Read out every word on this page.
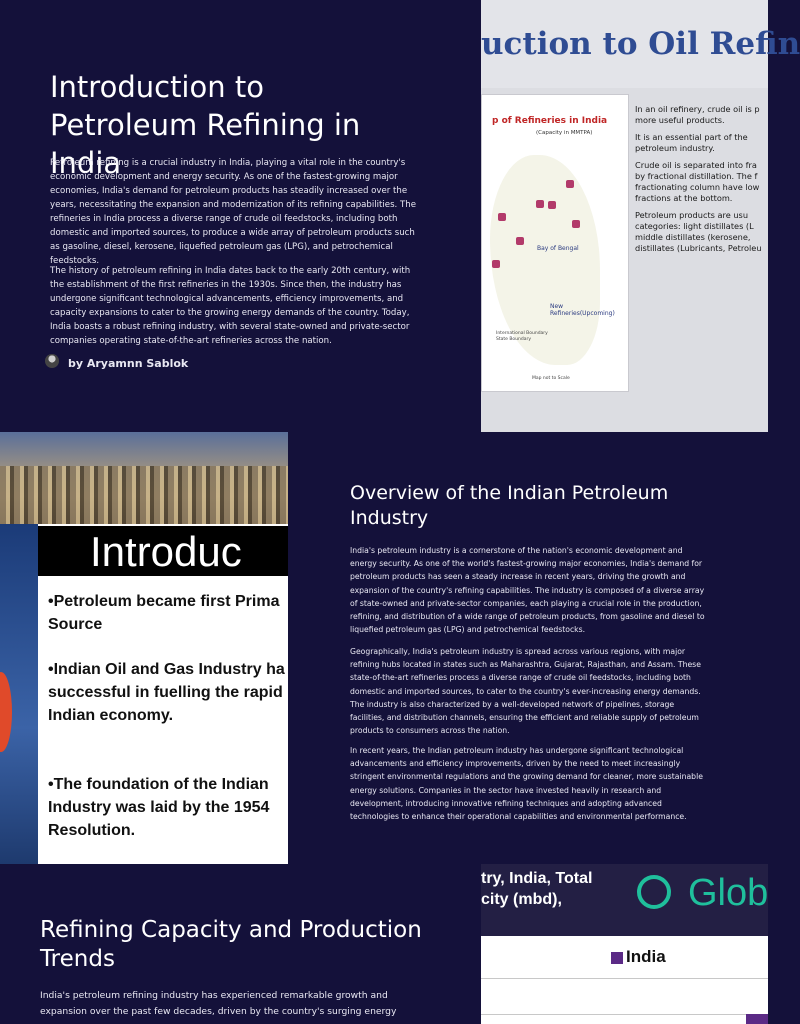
Introduction to Petroleum Refining in India

Petroleum refining is a crucial industry in India, playing a vital role in the country's economic development and energy security. As one of the fastest-growing major economies, India's demand for petroleum products has steadily increased over the years, necessitating the expansion and modernization of its refining capabilities. The refineries in India process a diverse range of crude oil feedstocks, including both domestic and imported sources, to produce a wide array of petroleum products such as gasoline, diesel, kerosene, liquefied petroleum gas (LPG), and petrochemical feedstocks.

The history of petroleum refining in India dates back to the early 20th century, with the establishment of the first refineries in the 1930s. Since then, the industry has undergone significant technological advancements, efficiency improvements, and capacity expansions to cater to the growing energy demands of the country. Today, India boasts a robust refining industry, with several state-owned and private-sector companies operating state-of-the-art refineries across the nation.

by Aryamnn Sablok
uction to Oil Refin
p of Refineries in India
(Capacity in MMTPA)
Bay of Bengal
New Refineries(Upcoming)
International Boundary
State Boundary
Map not to Scale
In an oil refinery, crude oil is p
more useful products.
It is an essential part of the
petroleum industry.
Crude oil is separated into fra
by fractional distillation. The f
fractionating column have low
fractions at the bottom.
Petroleum products are usu
categories: light distillates (L
middle distillates (kerosene,
distillates (Lubricants, Petroleu
Introduc
•Petroleum became first Prima
Source
•Indian Oil and Gas Industry ha
successful in fuelling the rapid
Indian economy.
•The foundation of the Indian
Industry was laid by the 1954
Resolution.
Overview of the Indian Petroleum Industry

India's petroleum industry is a cornerstone of the nation's economic development and energy security. As one of the world's fastest-growing major economies, India's demand for petroleum products has seen a steady increase in recent years, driving the growth and expansion of the country's refining capabilities. The industry is composed of a diverse array of state-owned and private-sector companies, each playing a crucial role in the production, refining, and distribution of a wide range of petroleum products, from gasoline and diesel to liquefied petroleum gas (LPG) and petrochemical feedstocks.

Geographically, India's petroleum industry is spread across various regions, with major refining hubs located in states such as Maharashtra, Gujarat, Rajasthan, and Assam. These state-of-the-art refineries process a diverse range of crude oil feedstocks, including both domestic and imported sources, to cater to the country's ever-increasing energy demands. The industry is also characterized by a well-developed network of pipelines, storage facilities, and distribution channels, ensuring the efficient and reliable supply of petroleum products to consumers across the nation.

In recent years, the Indian petroleum industry has undergone significant technological advancements and efficiency improvements, driven by the need to meet increasingly stringent environmental regulations and the growing demand for cleaner, more sustainable energy solutions. Companies in the sector have invested heavily in research and development, introducing innovative refining techniques and adopting advanced technologies to enhance their operational capabilities and environmental performance.

Refining Capacity and Production Trends

India's petroleum refining industry has experienced remarkable growth and expansion over the past few decades, driven by the country's surging energy

try, India, Total
city (mbd),	Glob
India
